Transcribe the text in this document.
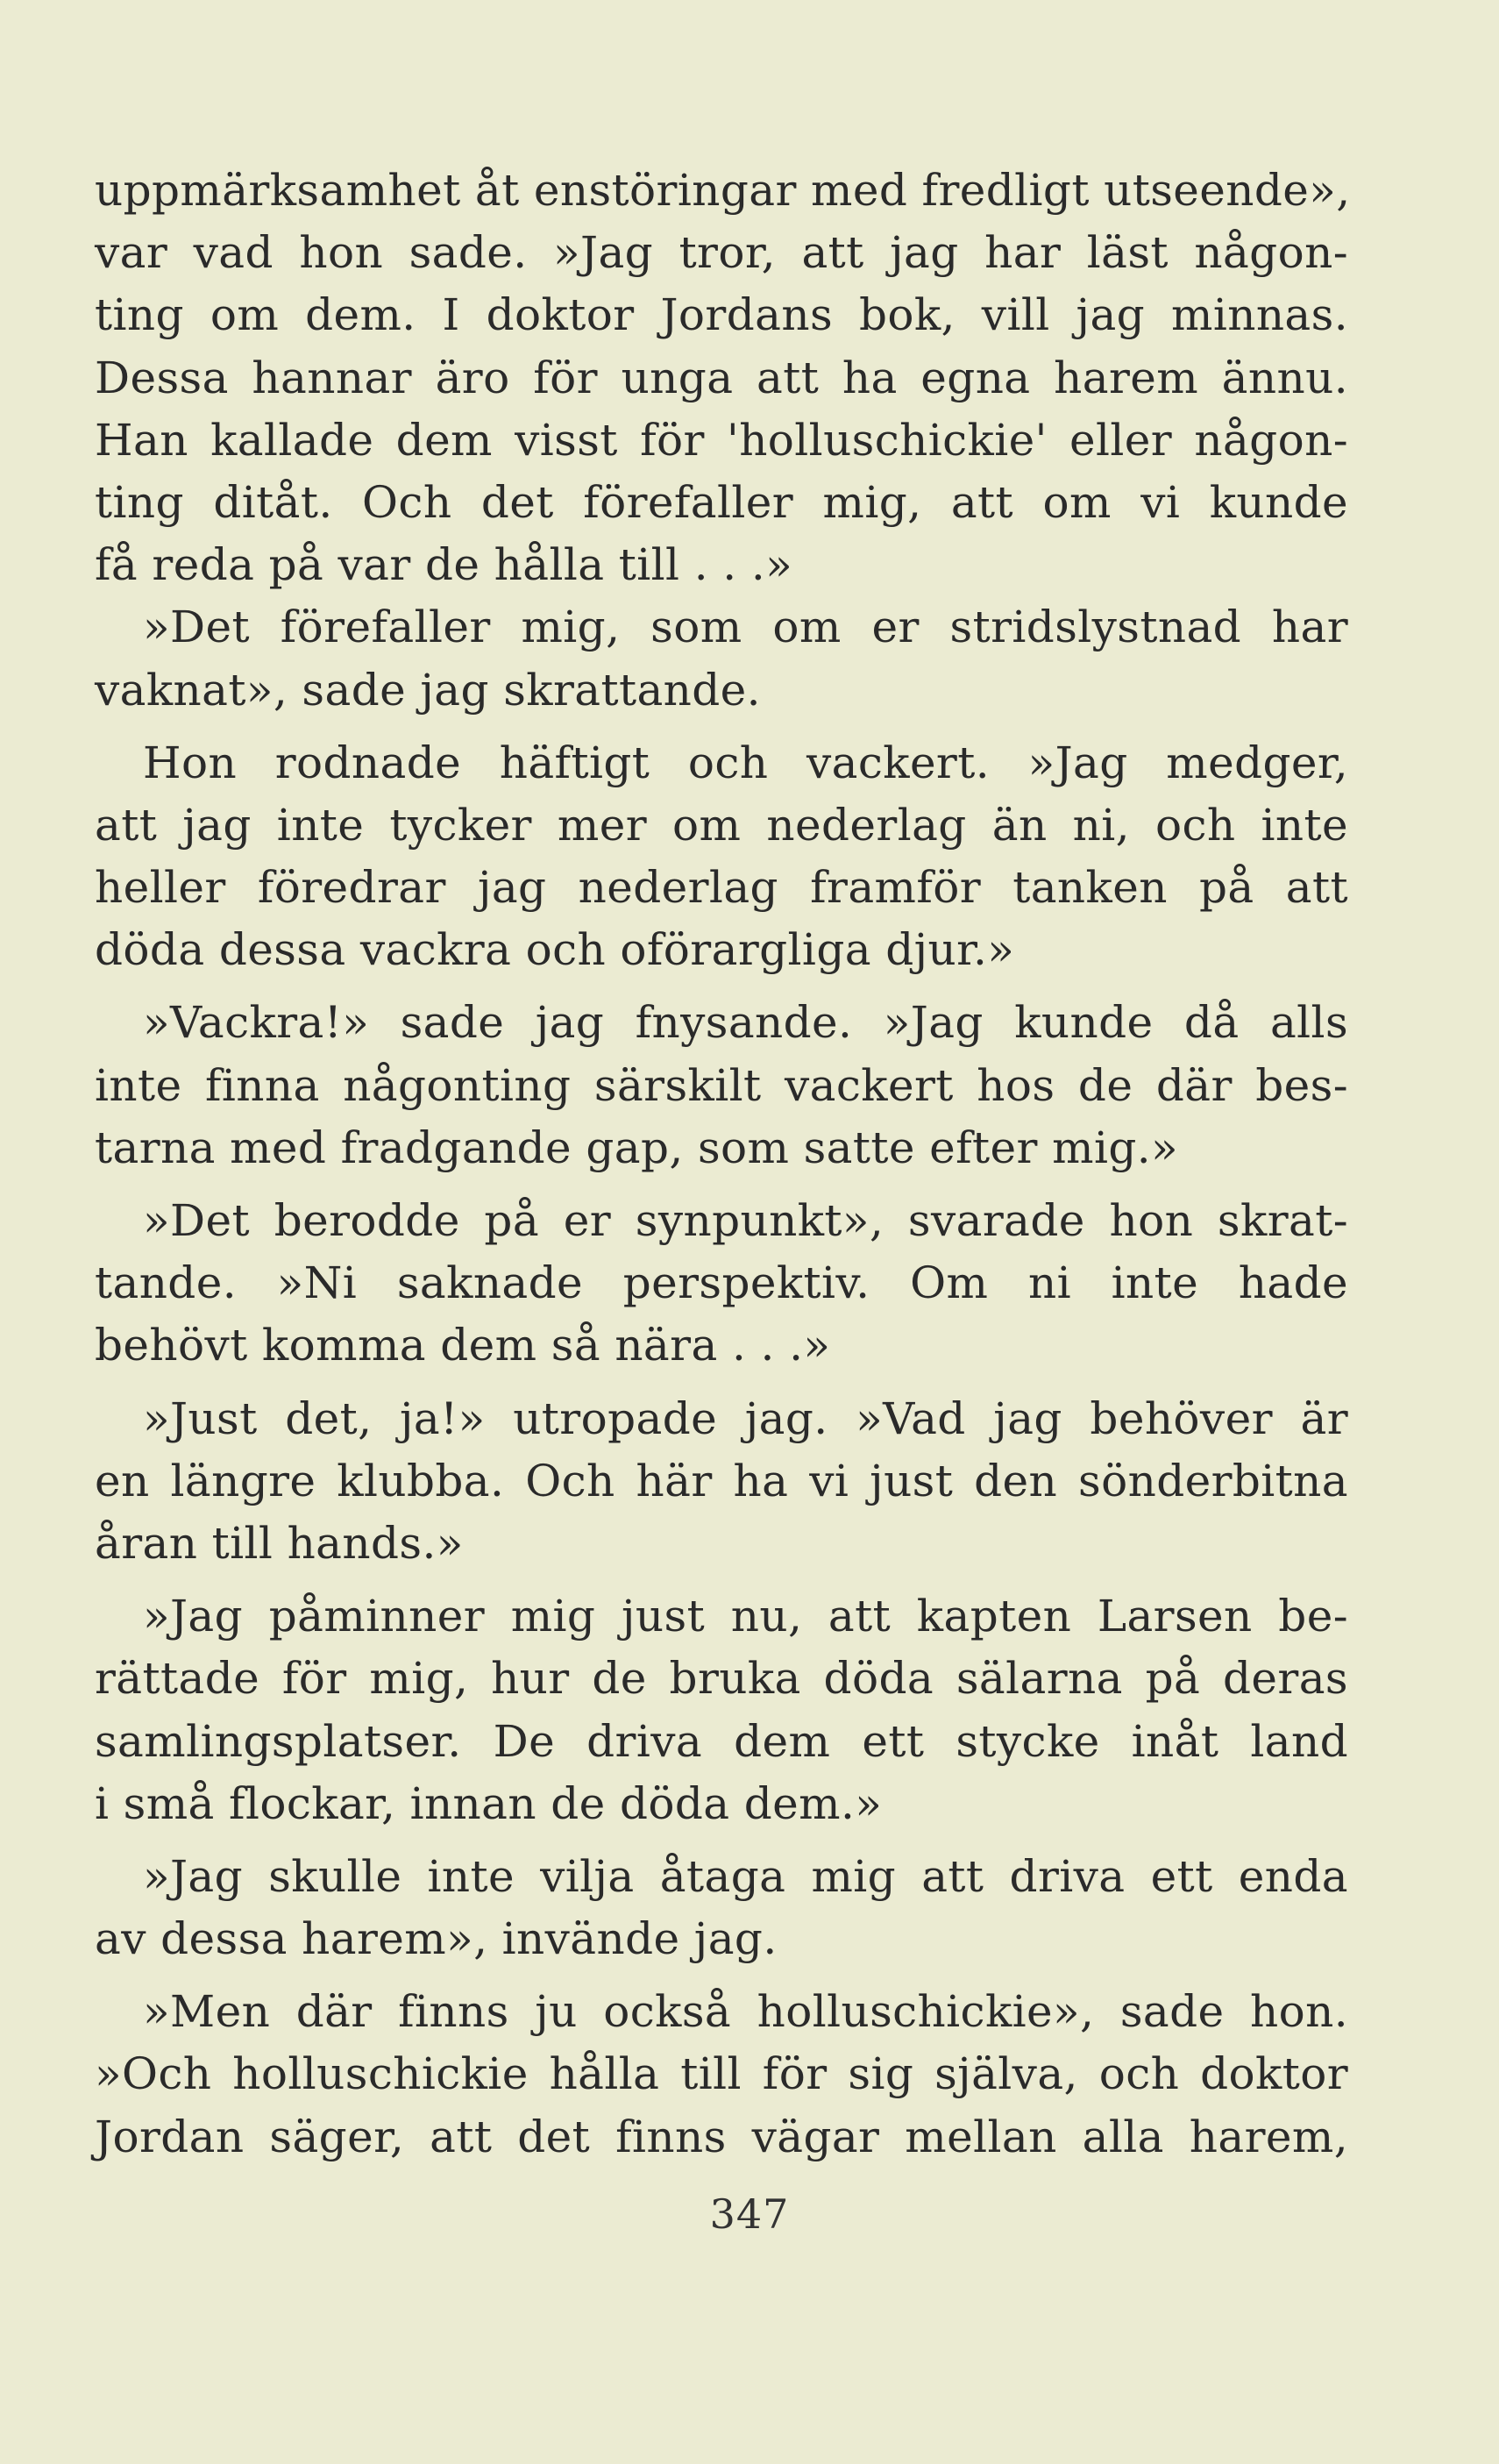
uppmärksamhet åt enstöringar med fredligt utseende»,
var vad hon sade. »Jag tror, att jag har läst någon-
ting om dem. I doktor Jordans bok, vill jag minnas.
Dessa hannar äro för unga att ha egna harem ännu.
Han kallade dem visst för 'holluschickie' eller någon-
ting ditåt. Och det förefaller mig, att om vi kunde
få reda på var de hålla till . . .»
»Det förefaller mig, som om er stridslystnad har
vaknat», sade jag skrattande.
Hon rodnade häftigt och vackert. »Jag medger,
att jag inte tycker mer om nederlag än ni, och inte
heller föredrar jag nederlag framför tanken på att
döda dessa vackra och oförargliga djur.»
»Vackra!» sade jag fnysande. »Jag kunde då alls
inte finna någonting särskilt vackert hos de där bes-
tarna med fradgande gap, som satte efter mig.»
»Det berodde på er synpunkt», svarade hon skrat-
tande. »Ni saknade perspektiv. Om ni inte hade
behövt komma dem så nära . . .»
»Just det, ja!» utropade jag. »Vad jag behöver är
en längre klubba. Och här ha vi just den sönderbitna
åran till hands.»
»Jag påminner mig just nu, att kapten Larsen be-
rättade för mig, hur de bruka döda sälarna på deras
samlingsplatser. De driva dem ett stycke inåt land
i små flockar, innan de döda dem.»
»Jag skulle inte vilja åtaga mig att driva ett enda
av dessa harem», invände jag.
»Men där finns ju också holluschickie», sade hon.
»Och holluschickie hålla till för sig själva, och doktor
Jordan säger, att det finns vägar mellan alla harem,
347
